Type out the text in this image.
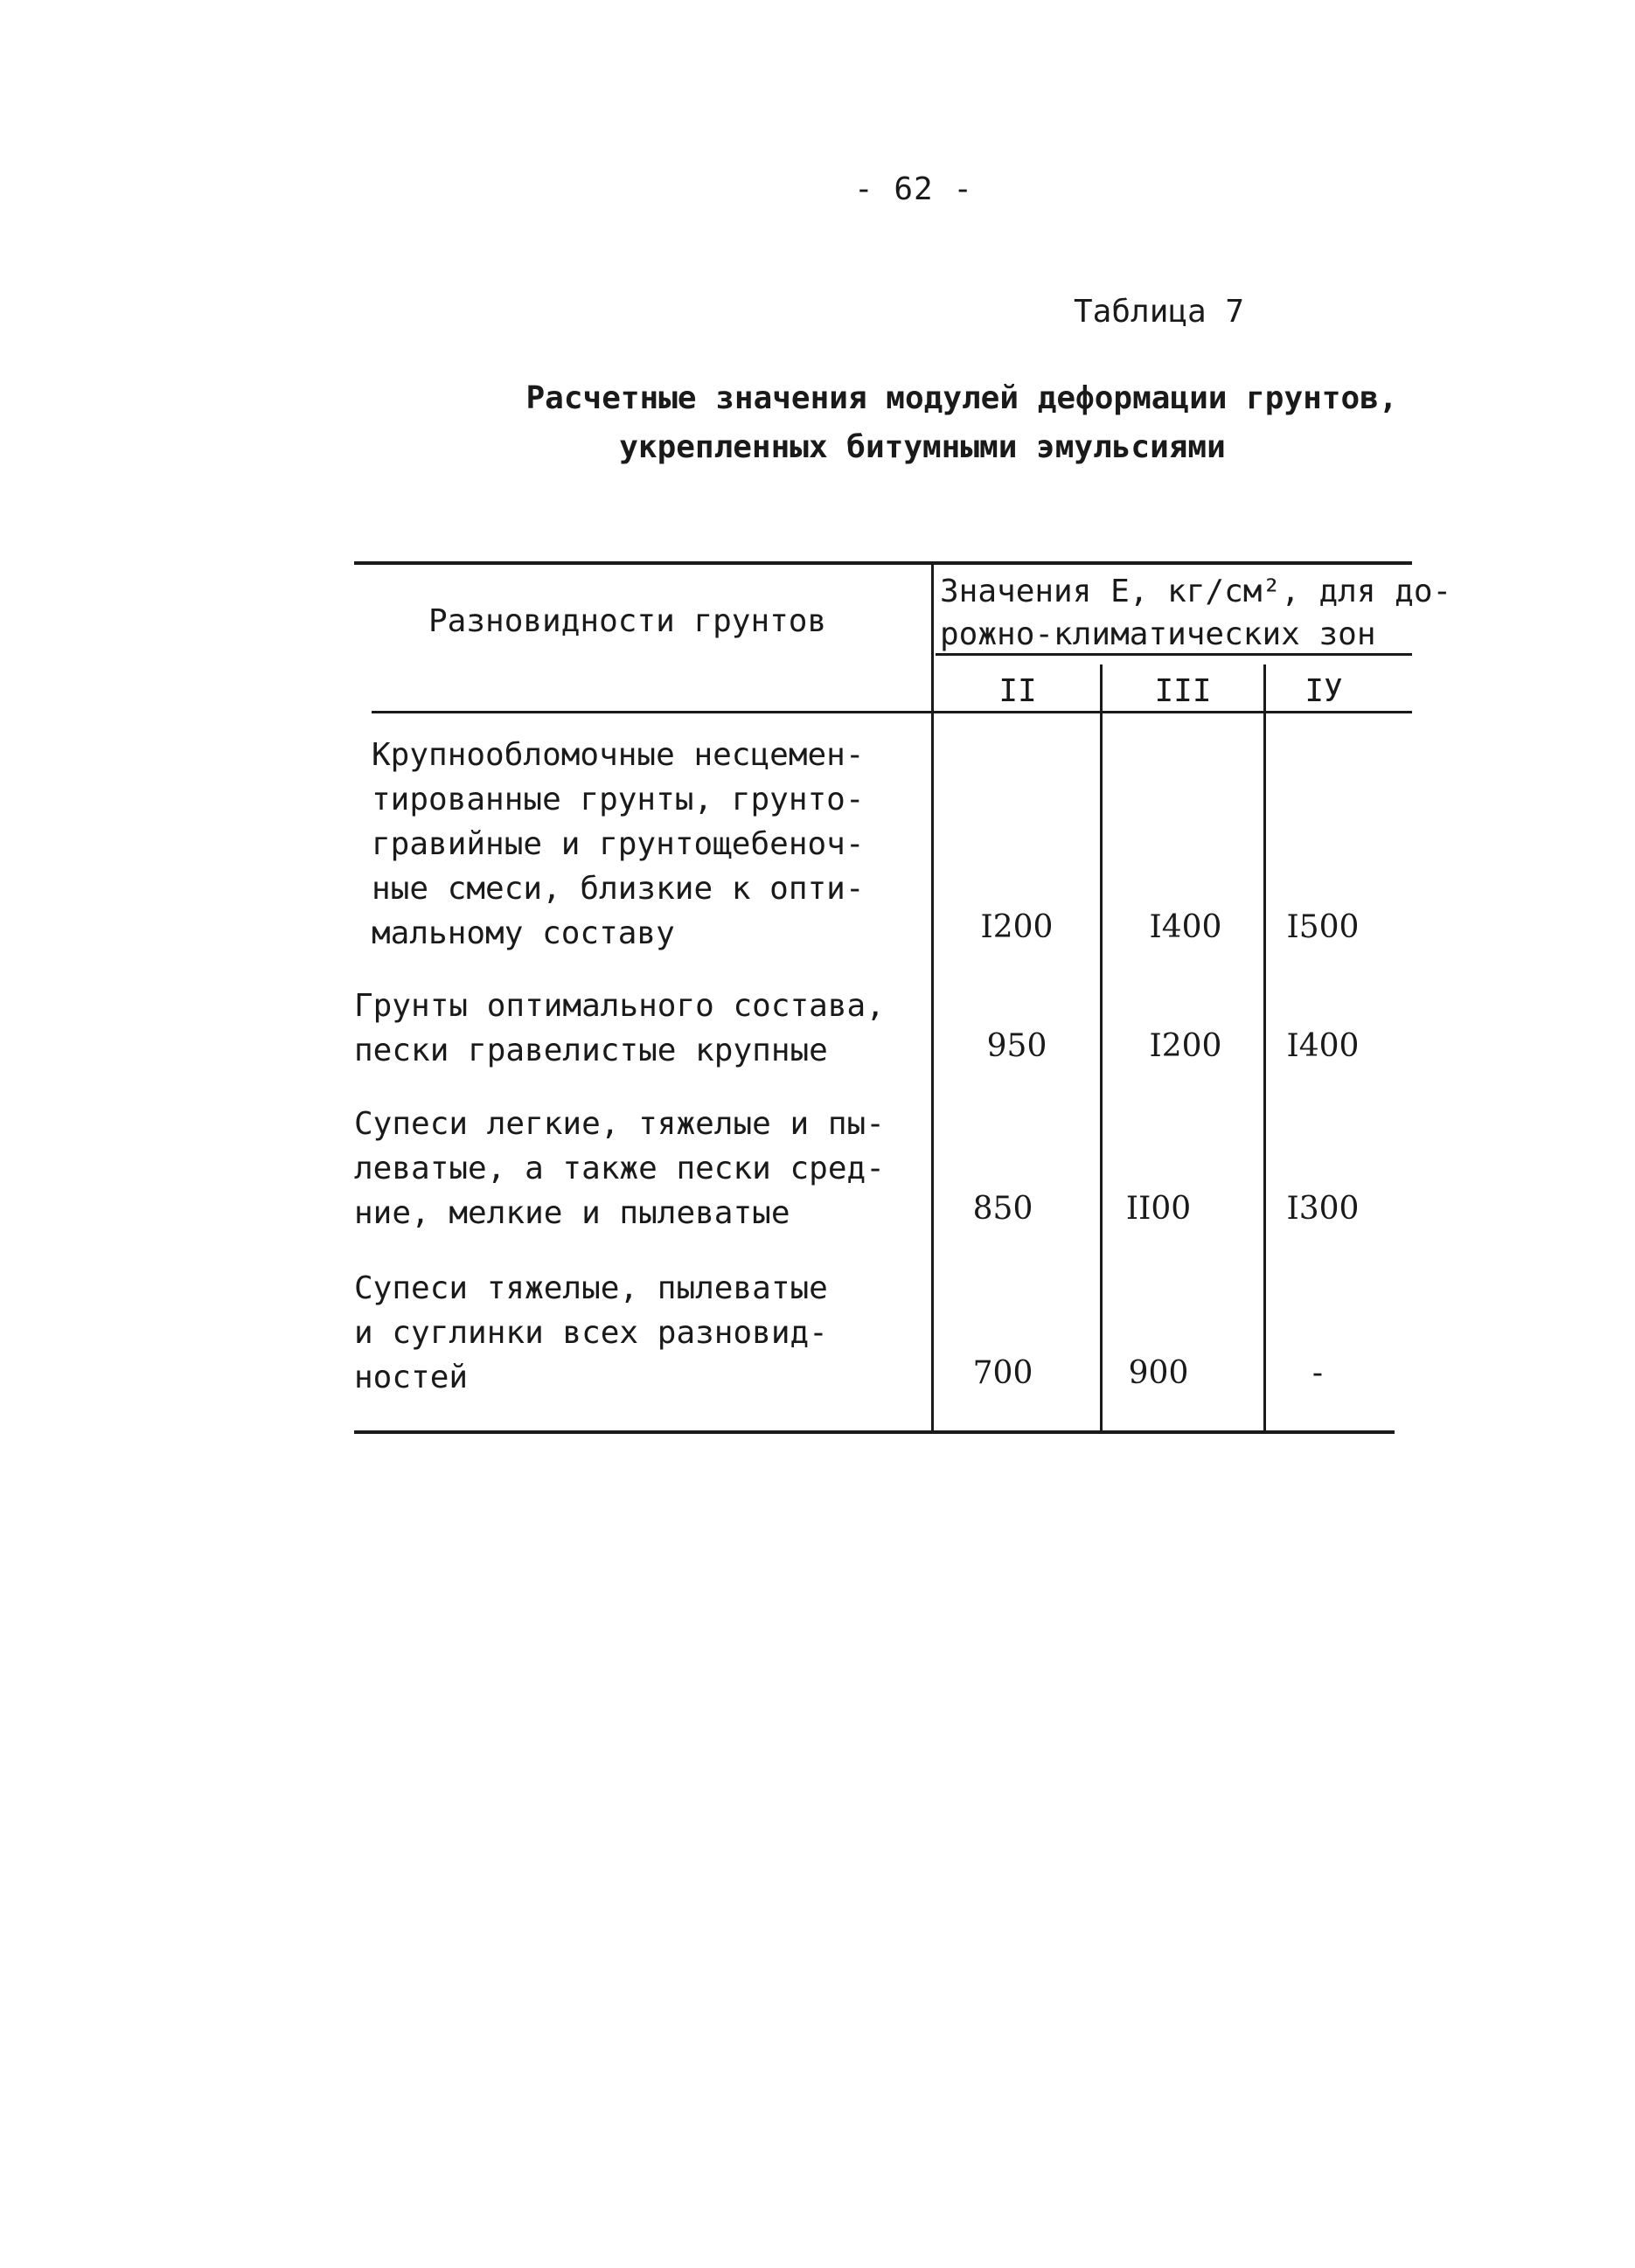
- 62 -
Таблица 7
Расчетные значения модулей деформации грунтов,
укрепленных битумными эмульсиями
Разновидности грунтов
Значения E, кг/см², для до-
рожно-климатических зон
II	III	IУ
Крупнообломочные несцемен-
тированные грунты, грунто-
гравийные и грунтощебеноч-
ные смеси, близкие к опти-
мальному составу	I200	I400	I500
Грунты оптимального состава,
пески гравелистые крупные	950	I200	I400
Супеси легкие, тяжелые и пы-
леватые, а также пески сред-
ние, мелкие и пылеватые	850	II00	I300
Супеси тяжелые, пылеватые
и суглинки всех разновид-
ностей	700	900	-
